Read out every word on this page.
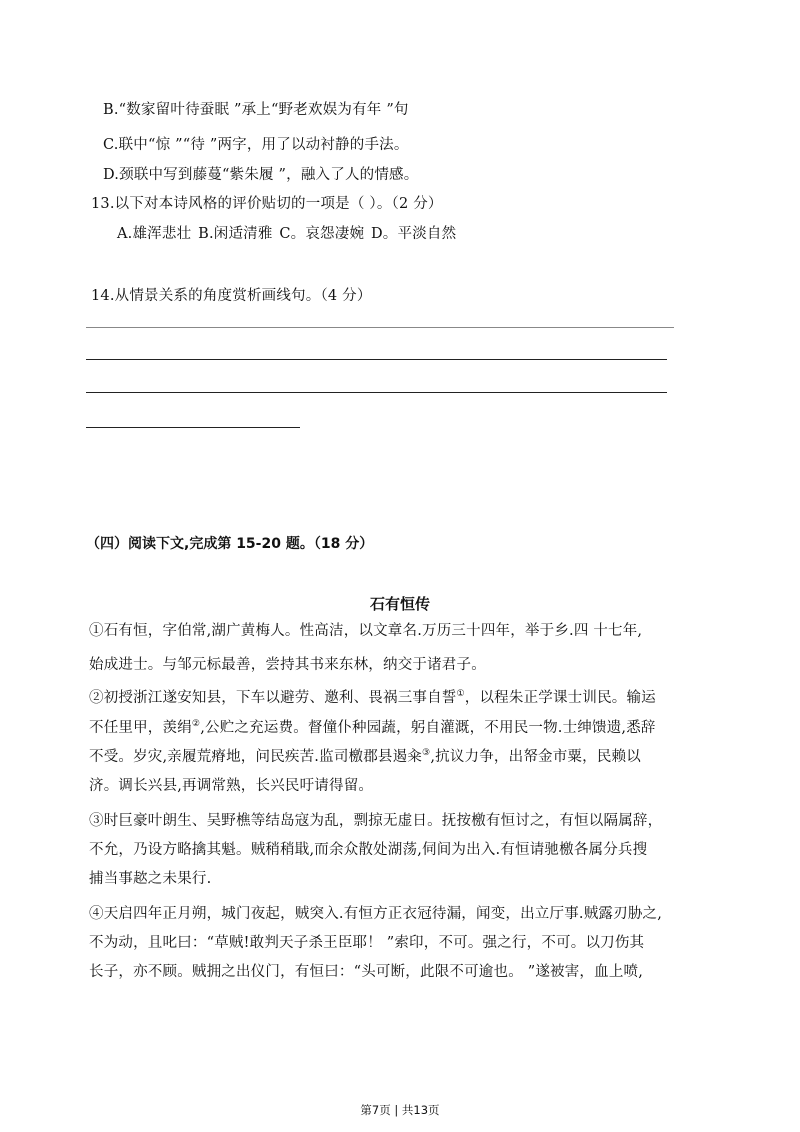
B.“数家留叶待蚕眠 ”承上“野老欢娱为有年 ”句
C.联中“惊 ”“待 ”两字，用了以动衬静的手法。
D.颈联中写到藤蔓“紫朱履 ”，融入了人的情感。
13.以下对本诗风格的评价贴切的一项是（ ）。（2 分）
A.雄浑悲壮 B.闲适清雅 C。哀怨凄婉 D。平淡自然
14.从情景关系的角度赏析画线句。（4 分）
（四）阅读下文,完成第 15-20 题。（18 分）
石有恒传
①石有恒，字伯常,湖广黄梅人。性高洁，以文章名.万历三十四年，举于乡.四 十七年,
始成进士。与邹元标最善，尝持其书来东林，纳交于诸君子。
②初授浙江遂安知县，下车以避劳、邀利、畏祸三事自誓①，以程朱正学课士训民。输运
不任里甲，羡绢②,公贮之充运费。督僮仆种园蔬，躬自灌溉，不用民一物.士绅馈遗,悉辞
不受。岁灾,亲履荒瘠地，问民疾苦.监司檄郡县遏籴③,抗议力争，出帑金市粟，民赖以
济。调长兴县,再调常熟，长兴民吁请得留。
③时巨豪叶朗生、吴野樵等结岛寇为乱，剽掠无虚日。抚按檄有恒讨之，有恒以隔属辞，
不允，乃设方略擒其魁。贼稍稍戢,而余众散处湖荡,伺间为出入.有恒请驰檄各属分兵搜
捕当事趑之未果行.
④天启四年正月朔，城门夜起，贼突入.有恒方正衣冠待漏，闻变，出立厅事.贼露刃胁之,
不为动，且叱曰：“草贼!敢判天子杀王臣耶！ ”索印，不可。强之行，不可。以刀伤其
长子，亦不顾。贼拥之出仪门，有恒曰：“头可断，此限不可逾也。 ”遂被害，血上喷,
第7页 | 共13页
